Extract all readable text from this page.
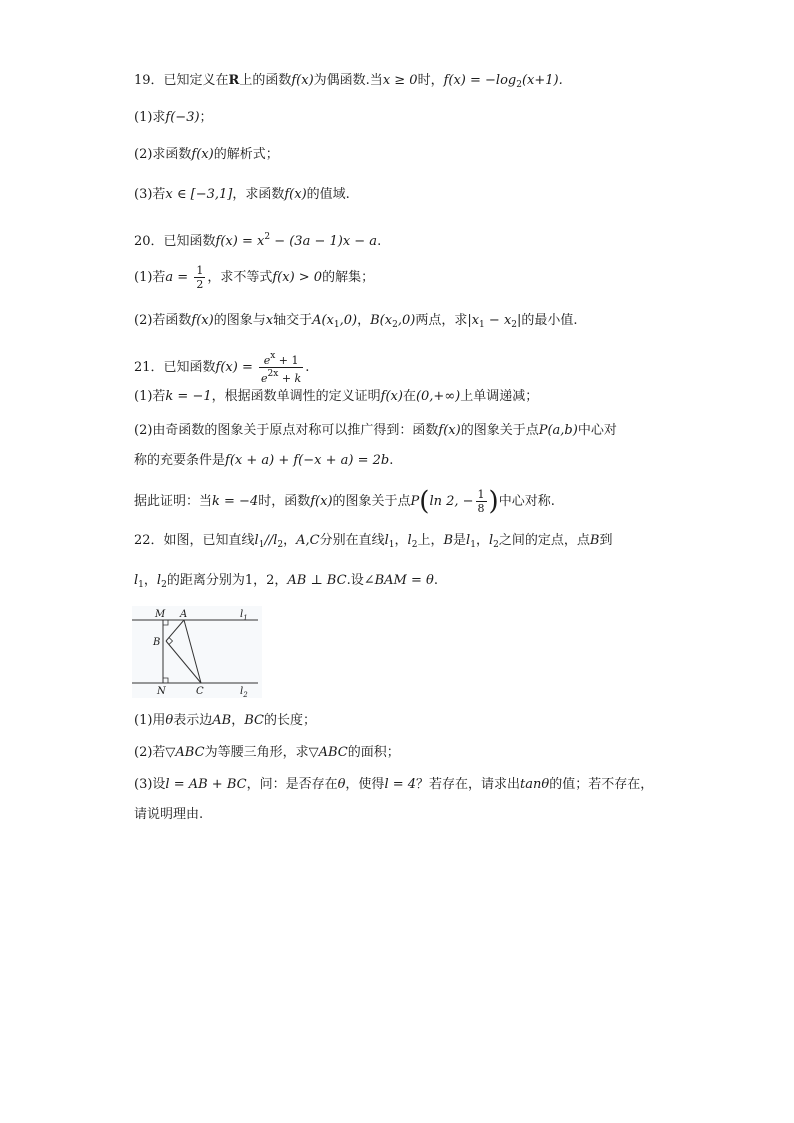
19．已知定义在R上的函数f(x)为偶函数.当x ≥ 0时，$f(x) = -\log_2(x+1)$.
(1)求f(−3)；
(2)求函数f(x)的解析式；
(3)若x ∈ [−3,1]，求函数f(x)的值域.
20．已知函数$f(x) = x^2 - (3a - 1)x - a$.
(1)若$a = \frac{1}{2}$ ，求不等式f(x) > 0的解集；
(2)若函数f(x)的图象与x轴交于$A(x_1,0)$，$B(x_2,0)$两点，求$|x_1 - x_2|$的最小值.
21．已知函数$f(x) = \frac{e^x + 1}{e^{2x} + k}$ .
(1)若k = −1，根据函数单调性的定义证明f(x)在(0,+∞)上单调递减；
(2)由奇函数的图象关于原点对称可以推广得到：函数f(x)的图象关于点P(a,b)中心对
称的充要条件是f(x + a) + f(−x + a) = 2b.
据此证明：当k = −4时，函数f(x)的图象关于点P(ln 2, − $\frac{1}{8}$ )中心对称.
22．如图，已知直线$l_1//l_2$，A,C分别在直线$l_1$，$l_2$上，B是$l_1$，$l_2$之间的定点，点B到
$l_1$，$l_2$的距离分别为1，2，AB ⊥ BC.设∠BAM = θ.
M A	$l_1$
B
N	C	$l_2$
(1)用θ表示边AB，BC的长度；
(2)若▽ABC为等腰三角形，求▽ABC的面积；
(3)设l = AB + BC，问：是否存在θ，使得l = 4？若存在，请求出tanθ的值；若不存在，
请说明理由.
